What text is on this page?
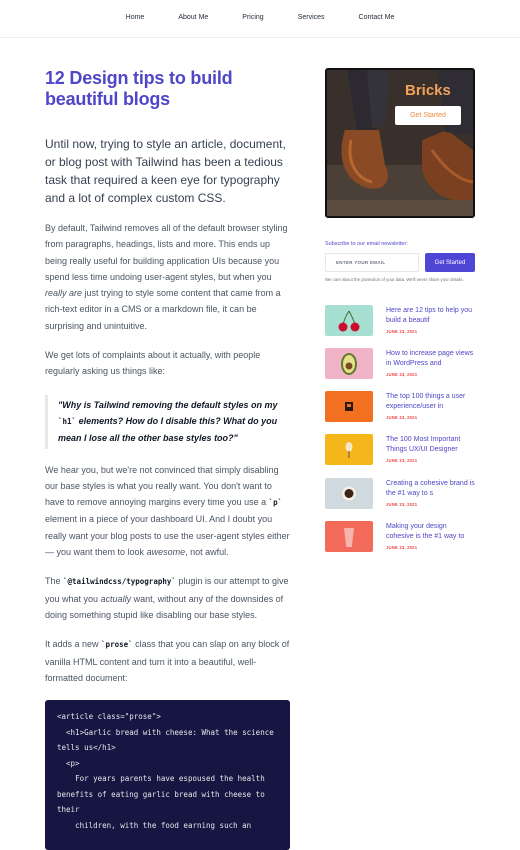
Home	About Me	Pricing	Services	Contact Me
12 Design tips to build beautiful blogs

Until now, trying to style an article, document, or blog post with Tailwind has been a tedious task that required a keen eye for typography and a lot of complex custom CSS.

By default, Tailwind removes all of the default browser styling from paragraphs, headings, lists and more. This ends up being really useful for building application UIs because you spend less time undoing user-agent styles, but when you really are just trying to style some content that came from a rich-text editor in a CMS or a markdown file, it can be surprising and unintuitive.

We get lots of complaints about it actually, with people regularly asking us things like:

"Why is Tailwind removing the default styles on my `h1` elements? How do I disable this? What do you mean I lose all the other base styles too?"

We hear you, but we're not convinced that simply disabling our base styles is what you really want. You don't want to have to remove annoying margins every time you use a `p` element in a piece of your dashboard UI. And I doubt you really want your blog posts to use the user-agent styles either — you want them to look awesome, not awful.

The `@tailwindcss/typography` plugin is our attempt to give you what you actually want, without any of the downsides of doing something stupid like disabling our base styles.

It adds a new `prose` class that you can slap on any block of vanilla HTML content and turn it into a beautiful, well-formatted document:

<article class="prose">
<h1>Garlic bread with cheese: What the science tells us</h1>
<p>
For years parents have espoused the health benefits of eating garlic bread with cheese to their
children, with the food earning such an
Bricks
Get Started
Subscribe to our email newsletter:
ENTER YOUR EMAIL
Get Started
We care about the protection of your data. We'll never share your details.
Here are 12 tips to help you build a beautif
JUNE 23, 2021
How to increase page views in WordPress and
JUNE 23, 2021
The top 100 things a user experience/user in
JUNE 23, 2021
The 100 Most Important Things UX/UI Designer
JUNE 23, 2021
Creating a cohesive brand is the #1 way to s
JUNE 23, 2021
Making your design cohesive is the #1 way to
JUNE 23, 2021
